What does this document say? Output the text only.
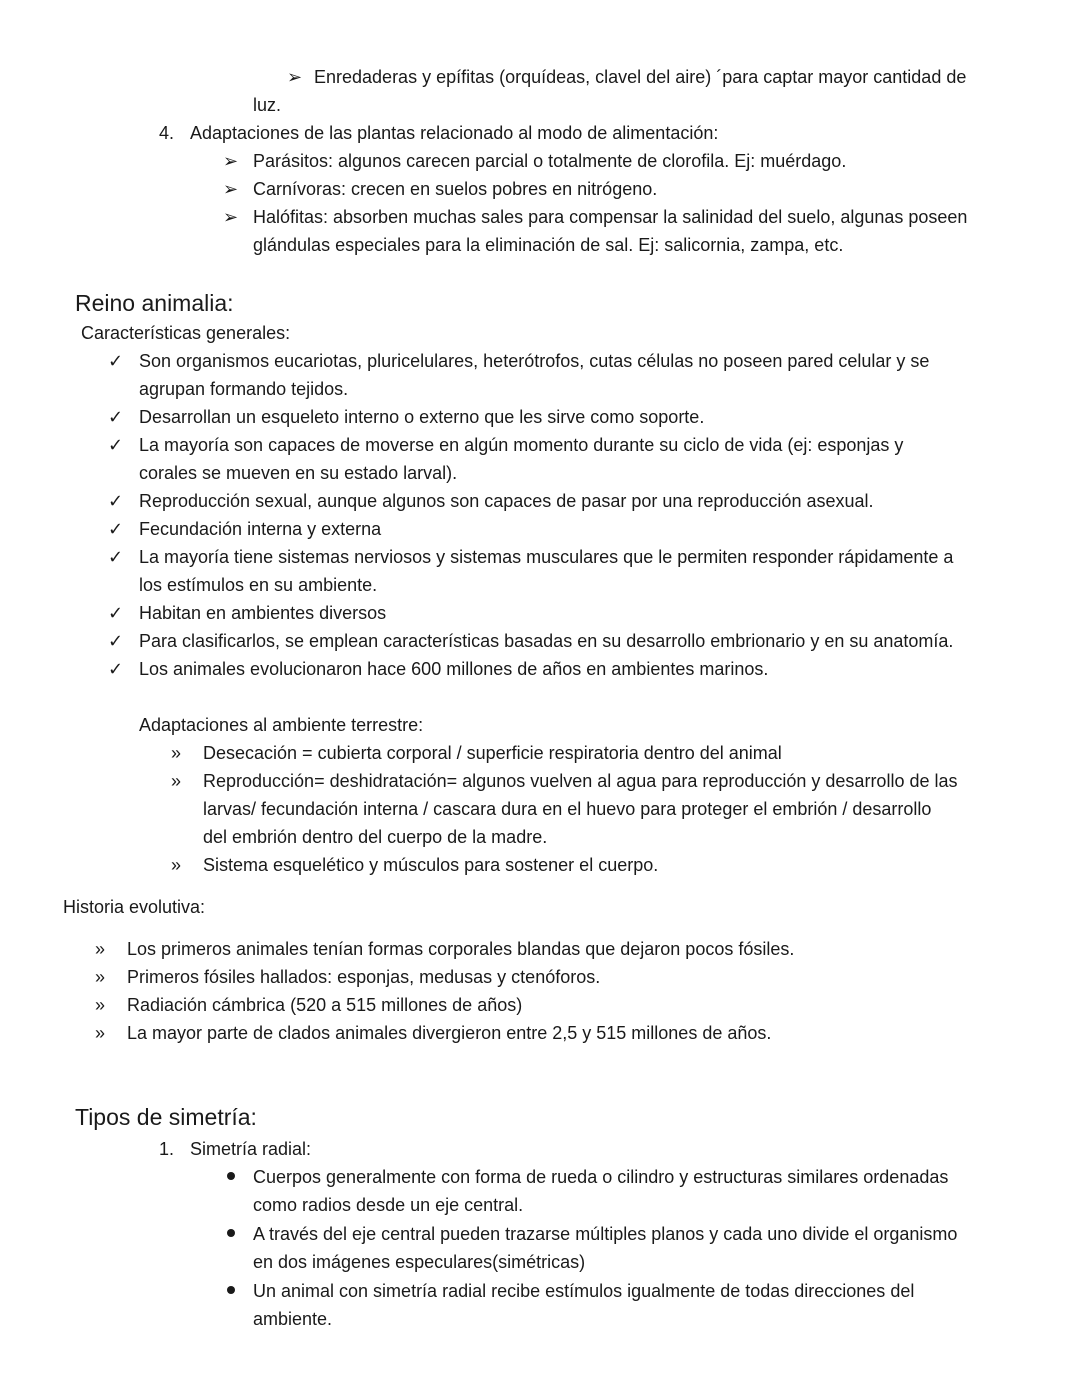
➢ Enredaderas y epífitas (orquídeas, clavel del aire) ´para captar mayor cantidad de
luz.
4. Adaptaciones de las plantas relacionado al modo de alimentación:
➢ Parásitos: algunos carecen parcial o totalmente de clorofila. Ej: muérdago.
➢ Carnívoras: crecen en suelos pobres en nitrógeno.
➢ Halófitas: absorben muchas sales para compensar la salinidad del suelo, algunas poseen
glándulas especiales para la eliminación de sal. Ej: salicornia, zampa, etc.
Reino animalia:
Características generales:
✓ Son organismos eucariotas, pluricelulares, heterótrofos, cutas células no poseen pared celular y se
agrupan formando tejidos.
✓ Desarrollan un esqueleto interno o externo que les sirve como soporte.
✓ La mayoría son capaces de moverse en algún momento durante su ciclo de vida (ej: esponjas y
corales se mueven en su estado larval).
✓ Reproducción sexual, aunque algunos son capaces de pasar por una reproducción asexual.
✓ Fecundación interna y externa
✓ La mayoría tiene sistemas nerviosos y sistemas musculares que le permiten responder rápidamente a
los estímulos en su ambiente.
✓ Habitan en ambientes diversos
✓ Para clasificarlos, se emplean características basadas en su desarrollo embrionario y en su anatomía.
✓ Los animales evolucionaron hace 600 millones de años en ambientes marinos.
Adaptaciones al ambiente terrestre:
» Desecación = cubierta corporal / superficie respiratoria dentro del animal
» Reproducción= deshidratación= algunos vuelven al agua para reproducción y desarrollo de las
larvas/ fecundación interna / cascara dura en el huevo para proteger el embrión / desarrollo
del embrión dentro del cuerpo de la madre.
» Sistema esquelético y músculos para sostener el cuerpo.
Historia evolutiva:
» Los primeros animales tenían formas corporales blandas que dejaron pocos fósiles.
» Primeros fósiles hallados: esponjas, medusas y ctenóforos.
» Radiación cámbrica (520 a 515 millones de años)
» La mayor parte de clados animales divergieron entre 2,5 y 515 millones de años.
Tipos de simetría:
1. Simetría radial:
Cuerpos generalmente con forma de rueda o cilindro y estructuras similares ordenadas
como radios desde un eje central.
A través del eje central pueden trazarse múltiples planos y cada uno divide el organismo
en dos imágenes especulares(simétricas)
Un animal con simetría radial recibe estímulos igualmente de todas direcciones del
ambiente.
